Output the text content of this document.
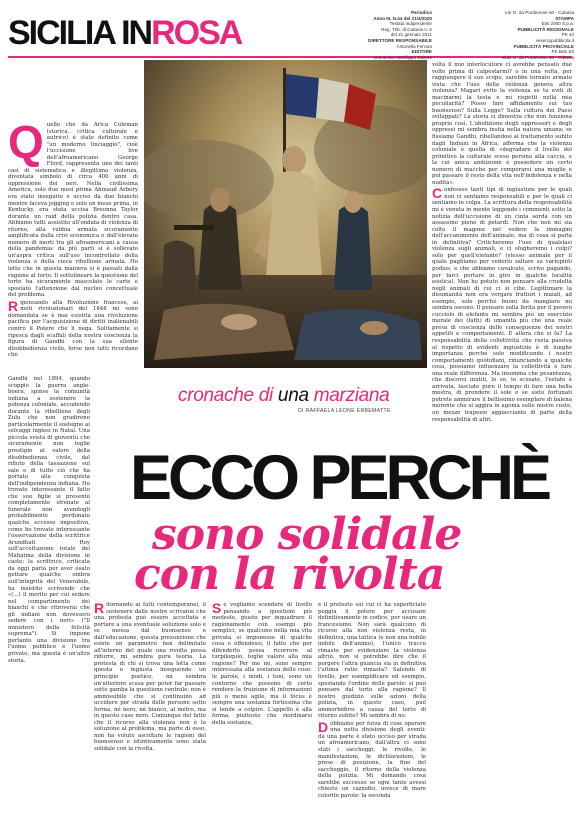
SICILIA INROSA

Periodico

Anno III, N.44 del 21/4/2020

Testata indipendente

Reg. Trib. di Catania n. 6

del 21 gennaio 2011

DIRETTORE RESPONSABILE

Antonella Ferrara

EDITORE

Domenico Sanfilippo Editore

v.le O. da Pordenone 50 - Catania

STAMPA

Etis 2000 S.p.a.

PUBBLICITÀ REGIONALE

PK srl

www.rppubblicita.it

PUBBLICITÀ PROVINCIALE

PK Beb Srl

viale O. da Pordenone 50 - Catania

Q uello che da Arica Coleman (storica, critica culturale e autrice) è stato definito come "un moderno linciaggio", cioè l'uccisione live dell'afroamericano George Floyd, rappresenta uno dei tanti casi di sistematica e illegittima violenza, diventata simbolo di circa 400 anni di oppressione dei neri. Nella civilissima America, solo due mesi prima Ahmaud Arbery era stato inseguito e ucciso da due bianchi mentre faceva jogging e solo un mese prima, in Kentucky, era stata uccisa Breonna Taylor durante un raid della polizia dentro casa. Abbiamo tutti assistito all'ondata di violenza di ritorno, alla rabbia armata sicuramente amplificata dalla crisi economica e dall'elevato numero di morti tra gli afroamericani a causa della pandemia: da più parti si è sollevato un'aspra critica sull'uso incontrollato della violenza e della cieca ribellione armata. Ho letto che in questa maniera si è passati dalla ragione al torto. Il sottolineare la questione del torto ha sicuramente mascelato le carte e spostato l'attenzione dal nucleo concettuale del problema.

R ipensando alla Rivoluzione francese, ai moti rivoluzionari del 1848 mi sono domandata se è mai esistita una rivoluzione pacifica per l'acquisizione di diritti inalienabili contro il Potere che li nega. Solitamente si ripesca dagli scaffali della nostra coscienza la figura di Gandhi con la sua silente disobbedienza civile, forse non tutti ricordano che

Gandhi nel 1894, quando scoppiò la guerra anglo-boera, spinse la comunità indiana a sostenere la potenza coloniale, accudendo durante la ribellione degli Zulu che non gradirono particolarmente il sostegno ai selvaggi inglesi in Natal. Una piccola svista di gioventù che sicuramente non toglie prestigio al valore della disobbedienza civile, dal rifiuto della tassazione sul sale e di tutto ciò che ha portato alla conquista dell'indipendenza indiana. Ho trovato interessante il fatto che sue figlie si presentò completamente sfrenate al funerale non avendogli probabilmente perdonato qualche eccesso impositivo, come ho trovato interessante l'osservazione della scrittrice Arundhati Roy sull'accettazione totale del Mahatma della divisione in caste; la scrittrice, criticata da oggi parla per aver osato gettare qualche ombra sull'integrità del Venerabile, ha insistito scrivendo che «(...) il merito per cui sedere nel compartimento dei bianchi e che ritroverai che gli indiani non dovessero sedere con i neri» ("Il ministero della felicità suprema"). Si impone pertanto una divisione tra l'uomo pubblico e l'uomo privato, ma questa è un'altra storia.

volta il mio interlocutore ci avrebbe pensato due volte prima di calpestarmi? o in una volta, per raggiungere il suo scopo, sarebbe tornato armato vista che l'uso della violenza genera altra violenza? Magari evito la violenza se tu eviti di macinarmi la testa e mi rispetti nella mia peculiarità? Posso fare affidamento sui tuo buonsenso? Sulla Legge? Sulla cultura dei Paesi sviluppati? La storia ci dimostra che non funziona proprio così. L'abolizione degli oppressori e degli oppressi mi sembra insita nella natura umana; se fissiamo Gandhi, ribellandosi al trattamento subito dagli Indiani in Africa, afferma che la violenza coloniale è quella di «degradare il livello del primitivo la culturale sceso persino alla caccia, e la cui unica ambizione è possedere un certo numero di mucche per comperarsi una moglie e poi passare il resto della vita nell'indolenza e nella nudità».

C onfessso tanti tipi di ingiustizie per le quali non ci sentiamo responsabili e per le quali ci sentiamo in colpa. La scrittura della responsabilità mi è venuta in mente leggendo i commenti sotto la notizia dell'uccisione di un cinta sorda con un assassino pieno di petardi. Non che non mi sia colto il magone nel vedere la immagini dell'accanimento dell'animale, ma di cosa si parla in definitiva? Criticheremo l'uso di qualsiasi violenza sugli animali, e ci sfogheremo i colpi? solo per quell'elefante? (stesso animale per il quale paghiamo per vederlo saltare su variopinti podios, e che abbiamo cavalcato, scrive pagando, per farci portare in giro in qualche località esotica). Non ho potuto non pensare alla crudeltà negli animali di cui ci si cibe. Legittimare la disumanità non era vergare fratturi i maiali, ad esempio, solo perché buoni da mangiare mi sembra osceno. Il pensare sulla ferita per il povero cucciolo di elefante mi sembra più un esercizio morale dei (fatti) di umanità più che una reale presa di coscienza delle conseguenze dei nostri appetiti e comportamenti. È allora che si fa? La responsabilità della collettività che resta passiva al rispetto di evidenti ingiustizie è di lunghe importanza perché solo modificando i nostri comportamenti quotidiani, rinunciando a qualche cosa, possiamo influenzare la collettività e fare una reale differenza. Ma insomma che pesantezza, che discorsi inutili, lo so, io scusate, l'estate è arrivata, lasciate pure il tempo di fare una bella mostra, di prendere il sole e se siete fortunati potrete ammirare il bellissimo esemplare di balena morente che si aggira in agonia sulle nostre coste, un mezzo trapezio aggiacciante di parte della responsabilità di altri.

cronache di una marziana
DI RAFFAELA LEONE ERBEMATTE
ECCO PERCHÈ
sono solidale
con la rivolta
R itornando ai fatti contemporanei, il sostenere dalle nostre scrivanie che una protesta può essere accettata e portare a una eventuale soluzione solo e se mossa dal buonsenso e dall'educazione, questa presunzione che esiste un parametro ben delimitato all'interno del quale una rivolta possa ridurre, mi sembra pura teoria. La protesta di chi si trova una lotta come questa o ingiusta inseguendo un principio poetico, mi sembra un'ulteriore scusa per poter far passare sotto gamba la questione centrale: non è ammissibile che si continuino ad uccidere per strada delle persone sotto forma, né nero, né bianco, al metro, ma in questo caso nero. Comunque del fatto che il ricorso alla violenza non è la soluzione al problema, ma parte di esso, non ha voluto ascoltare le ragioni del buonsenso e istintivamente sono stata solidale con la rivolta.

S e vogliamo scendere di livello pensando a questioni più modeste, giusto per inquadrare il ragionamento con esempi più semplici, se qualcuno nella mia vita privata si imponesse di qualche cosa o offendessi, il fatto che per difenderlo possa ricorrere al turpiloquio, toglie valore alla mia ragione? Per me no, sono sempre interessata alla sostanza delle cose: le parole, i modi, i toni, sono un contorno che possono di certo rendere la fruizione di informazioni più o meno agile, ma il focus è sempre una sostanza fortissima che si tende a colpire. L'appello è alla forma, piuttosto che riordinarsi della sostanza,

è il pretesto sui cui ci ha superficiato poggia il potere per accusare definitivamente in codice, per usare un francesismo. Non sarà qualcuno di ricorso alla non violenza resta, in definitiva, una tattica (e non una nobile indole dell'animo), l'unico tracco rimasto per evidenziare la violenza altrui, non si potrebbe dire che il porgere l'altra guancia sia in definitiva l'ultima ratio rimasta? Salendo di livello, per esemplificare ed esempio, spostando l'ordine delle parole: si può pensare dal torto alla ragione? Il nostro giudizio sulle azioni della polizia, in questo caso, può ammorbidirsi a causa del torto di ritorno subito? Mi sembra di no.

D obbiamo per forza di cose operare una netta divisione degli eventi: da una parte è stato ucciso per strada un afroamericano, dall'altra ci sono stati i saccheggi, le rivolte, le manifestazioni, le dichiarazioni, le prese di posizione, la fine del saccheggio, il ritorno della violenza della polizia. Mi domando cosa sarebbe successo se ogni tanto avessi chiesto un cazzotto, invece di mare colorite parole: la seconda
